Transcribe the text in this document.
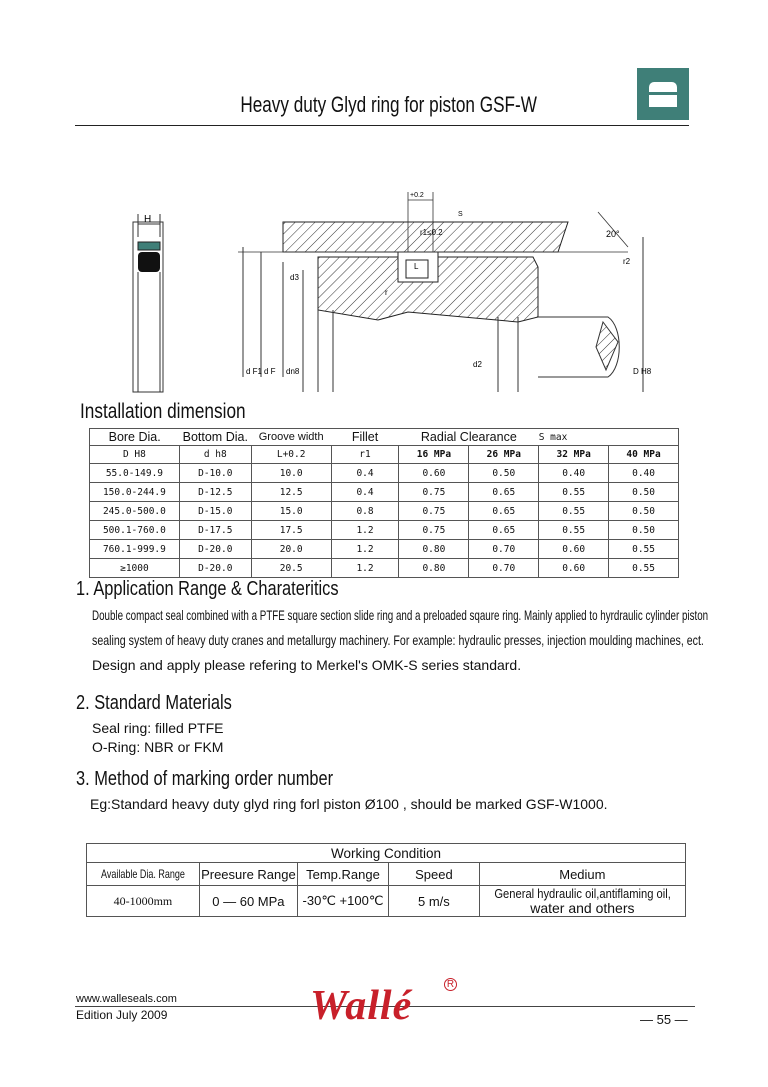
Heavy duty Glyd ring for piston GSF-W
H
+0.2
S
r1≤0.2	20°
r2
d3
d2
d F1 d F dn8	D H8
L
r
Installation dimension
Bore Dia.	Bottom Dia.	Groove width	Fillet	Radial Clearance		S max	
D H8	d h8	L+0.2	r1	16 MPa	26 MPa	32 MPa	40 MPa
55.0-149.9	D-10.0	10.0	0.4	0.60	0.50	0.40	0.40
150.0-244.9	D-12.5	12.5	0.4	0.75	0.65	0.55	0.50
245.0-500.0	D-15.0	15.0	0.8	0.75	0.65	0.55	0.50
500.1-760.0	D-17.5	17.5	1.2	0.75	0.65	0.55	0.50
760.1-999.9	D-20.0	20.0	1.2	0.80	0.70	0.60	0.55
≥1000	D-20.0	20.5	1.2	0.80	0.70	0.60	0.55
1. Application Range & Charateritics
Double compact seal combined with a PTFE square section slide ring and a preloaded sqaure ring. Mainly applied to hyrdraulic cylinder piston
sealing system of heavy duty cranes and metallurgy machinery. For example: hydraulic presses, injection moulding machines, ect.
Design and apply please refering to Merkel's OMK-S series standard.
2. Standard Materials
Seal ring: filled PTFE
O-Ring: NBR or FKM
3. Method of marking order number
Eg:Standard heavy duty glyd ring forl piston Ø100 , should be marked GSF-W1000.
Working Condition				
Available Dia. Range	Preesure Range	Temp.Range	Speed	Medium
40-1000mm	0 — 60 MPa	-30℃ +100℃	5 m/s	General hydraulic oil,antiflaming oil,
water and others
www.walleseals.com
Edition July 2009	Wallé	R
— 55 —
